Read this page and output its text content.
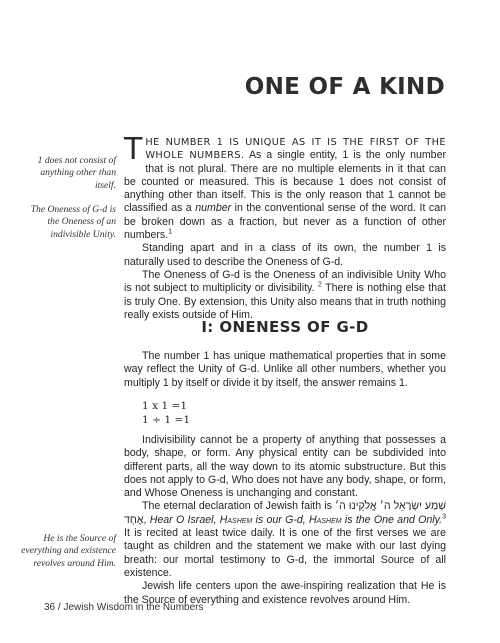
ONE OF A KIND

1 does not consist of anything other than itself.

The Oneness of G-d is the Oneness of an indivisible Unity.

He is the Source of everything and existence revolves around Him.

THE NUMBER 1 IS UNIQUE AS IT IS THE FIRST OF THE WHOLE NUMBERS. As a single entity, 1 is the only number that is not plural. There are no multiple elements in it that can be counted or measured. This is because 1 does not consist of anything other than itself. This is the only reason that 1 cannot be classified as a number in the conventional sense of the word. It can be broken down as a fraction, but never as a function of other numbers.$^1$

Standing apart and in a class of its own, the number 1 is naturally used to describe the Oneness of G-d.

The Oneness of G-d is the Oneness of an indivisible Unity Who is not subject to multiplicity or divisibility. $^2$ There is nothing else that is truly One. By extension, this Unity also means that in truth nothing really exists outside of Him.

I: ONENESS OF G-D

The number 1 has unique mathematical properties that in some way reflect the Unity of G-d. Unlike all other numbers, whether you multiply 1 by itself or divide it by itself, the answer remains 1.

1 x 1 =1
1 ÷ 1 =1

Indivisibility cannot be a property of anything that possesses a body, shape, or form. Any physical entity can be subdivided into different parts, all the way down to its atomic substructure. But this does not apply to G-d, Who does not have any body, shape, or form, and Whose Oneness is unchanging and constant.

The eternal declaration of Jewish faith is שְׁמַע יִשְׂרָאֵל ה׳ אֱלֹקֵינוּ ה׳ אֶחָד, Hear O Israel, Hashem is our G-d, Hashem is the One and Only.$^3$ It is recited at least twice daily. It is one of the first verses we are taught as children and the statement we make with our last dying breath: our mortal testimony to G-d, the immortal Source of all existence.

Jewish life centers upon the awe-inspiring realization that He is the Source of everything and existence revolves around Him.

36 / Jewish Wisdom in the Numbers
